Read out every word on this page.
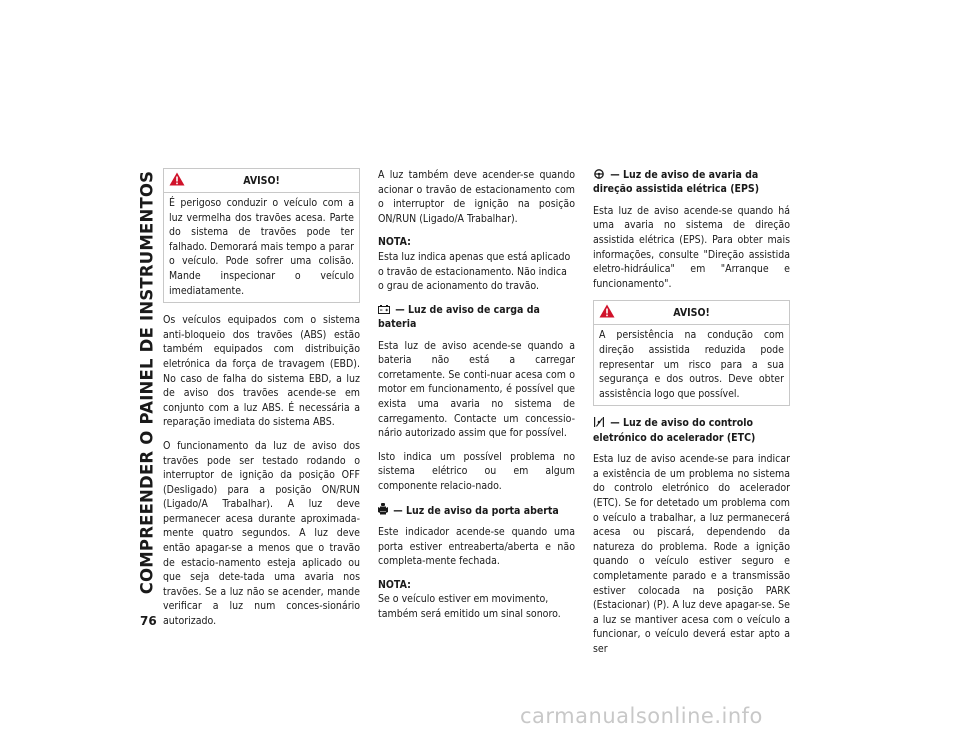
COMPREENDER O PAINEL DE INSTRUMENTOS
76
AVISO!
É perigoso conduzir o veículo com a luz vermelha dos travões acesa. Parte do sistema de travões pode ter falhado. Demorará mais tempo a parar o veículo. Pode sofrer uma colisão. Mande inspecionar o veículo imediatamente.

Os veículos equipados com o sistema anti-bloqueio dos travões (ABS) estão também equipados com distribuição eletrónica da força de travagem (EBD). No caso de falha do sistema EBD, a luz de aviso dos travões acende-se em conjunto com a luz ABS. É necessária a reparação imediata do sistema ABS.

O funcionamento da luz de aviso dos travões pode ser testado rodando o interruptor de ignição da posição OFF (Desligado) para a posição ON/RUN (Ligado/A Trabalhar). A luz deve permanecer acesa durante aproximada-mente quatro segundos. A luz deve então apagar-se a menos que o travão de estacio-namento esteja aplicado ou que seja dete-tada uma avaria nos travões. Se a luz não se acender, mande verificar a luz num conces-sionário autorizado.

A luz também deve acender-se quando acionar o travão de estacionamento com o interruptor de ignição na posição ON/RUN (Ligado/A Trabalhar).

NOTA:
Esta luz indica apenas que está aplicado o travão de estacionamento. Não indica o grau de acionamento do travão.
— Luz de aviso de carga da bateria

Esta luz de aviso acende-se quando a bateria não está a carregar corretamente. Se conti-nuar acesa com o motor em funcionamento, é possível que exista uma avaria no sistema de carregamento. Contacte um concessio-nário autorizado assim que for possível.

Isto indica um possível problema no sistema elétrico ou em algum componente relacio-nado.

— Luz de aviso da porta aberta

Este indicador acende-se quando uma porta estiver entreaberta/aberta e não completa-mente fechada.

NOTA:
Se o veículo estiver em movimento, também será emitido um sinal sonoro.
— Luz de aviso de avaria da direção assistida elétrica (EPS)

Esta luz de aviso acende-se quando há uma avaria no sistema de direção assistida elétrica (EPS). Para obter mais informações, consulte "Direção assistida eletro-hidráulica" em "Arranque e funcionamento".

AVISO!
A persistência na condução com direção assistida reduzida pode representar um risco para a sua segurança e dos outros. Deve obter assistência logo que possível.
— Luz de aviso do controlo eletrónico do acelerador (ETC)

Esta luz de aviso acende-se para indicar a existência de um problema no sistema do controlo eletrónico do acelerador (ETC). Se for detetado um problema com o veículo a trabalhar, a luz permanecerá acesa ou piscará, dependendo da natureza do problema. Rode a ignição quando o veículo estiver seguro e completamente parado e a transmissão estiver colocada na posição PARK (Estacionar) (P). A luz deve apagar-se. Se a luz se mantiver acesa com o veículo a funcionar, o veículo deverá estar apto a ser

carmanualsonline.info
